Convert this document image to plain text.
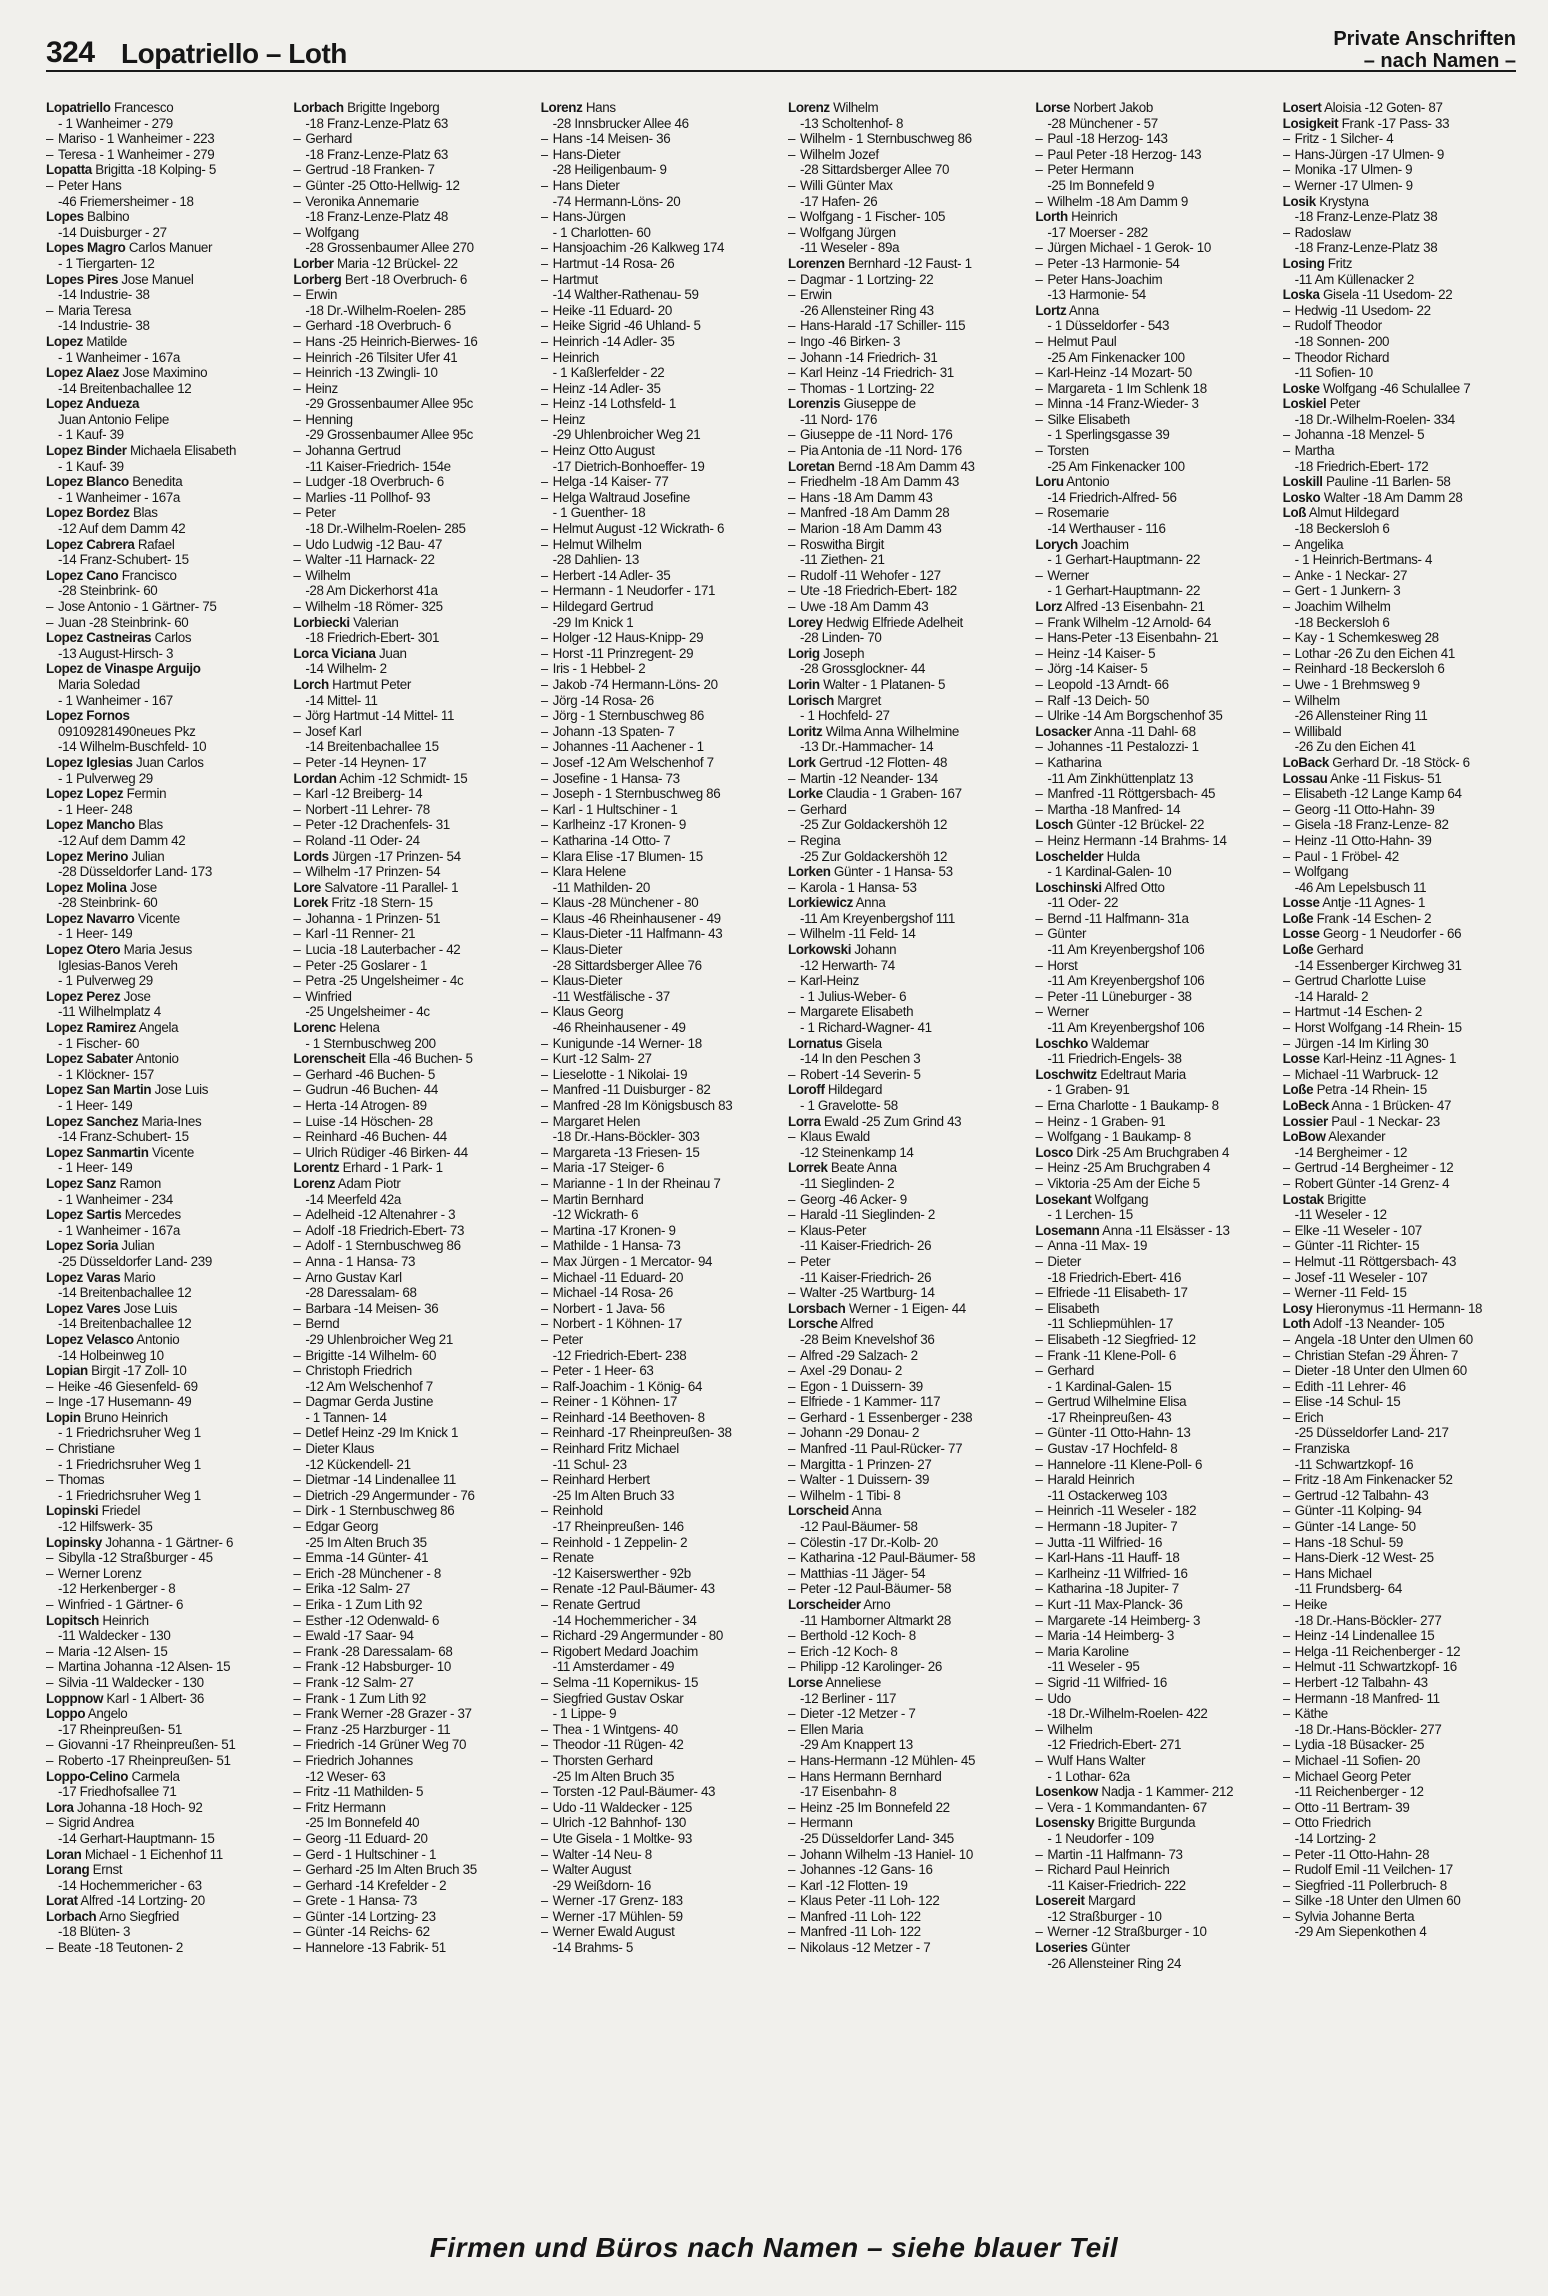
324 Lopatriello – Loth	Private Anschriften
– nach Namen –
Lopatriello Francesco
- 1 Wanheimer - 279
– Mariso - 1 Wanheimer - 223
– Teresa - 1 Wanheimer - 279
Lopatta Brigitta -18 Kolping- 5
– Peter Hans
-46 Friemersheimer - 18
Lopes Balbino
-14 Duisburger - 27
Lopes Magro Carlos Manuer
- 1 Tiergarten- 12
Lopes Pires Jose Manuel
-14 Industrie- 38
– Maria Teresa
-14 Industrie- 38
Lopez Matilde
- 1 Wanheimer - 167a
Lopez Alaez Jose Maximino
-14 Breitenbachallee 12
Lopez Andueza
Juan Antonio Felipe
- 1 Kauf- 39
Lopez Binder Michaela Elisabeth
- 1 Kauf- 39
Lopez Blanco Benedita
- 1 Wanheimer - 167a
Lopez Bordez Blas
-12 Auf dem Damm 42
Lopez Cabrera Rafael
-14 Franz-Schubert- 15
Lopez Cano Francisco
-28 Steinbrink- 60
– Jose Antonio - 1 Gärtner- 75
– Juan -28 Steinbrink- 60
Lopez Castneiras Carlos
-13 August-Hirsch- 3
Lopez de Vinaspe Arguijo
Maria Soledad
- 1 Wanheimer - 167
Lopez Fornos
09109281490neues Pkz
-14 Wilhelm-Buschfeld- 10
Lopez Iglesias Juan Carlos
- 1 Pulverweg 29
Lopez Lopez Fermin
- 1 Heer- 248
Lopez Mancho Blas
-12 Auf dem Damm 42
Lopez Merino Julian
-28 Düsseldorfer Land- 173
Lopez Molina Jose
-28 Steinbrink- 60
Lopez Navarro Vicente
- 1 Heer- 149
Lopez Otero Maria Jesus
Iglesias-Banos Vereh
- 1 Pulverweg 29
Lopez Perez Jose
-11 Wilhelmplatz 4
Lopez Ramirez Angela
- 1 Fischer- 60
Lopez Sabater Antonio
- 1 Klöckner- 157
Lopez San Martin Jose Luis
- 1 Heer- 149
Lopez Sanchez Maria-Ines
-14 Franz-Schubert- 15
Lopez Sanmartin Vicente
- 1 Heer- 149
Lopez Sanz Ramon
- 1 Wanheimer - 234
Lopez Sartis Mercedes
- 1 Wanheimer - 167a
Lopez Soria Julian
-25 Düsseldorfer Land- 239
Lopez Varas Mario
-14 Breitenbachallee 12
Lopez Vares Jose Luis
-14 Breitenbachallee 12
Lopez Velasco Antonio
-14 Holbeinweg 10
Lopian Birgit -17 Zoll- 10
– Heike -46 Giesenfeld- 69
– Inge -17 Husemann- 49
Lopin Bruno Heinrich
- 1 Friedrichsruher Weg 1
– Christiane
- 1 Friedrichsruher Weg 1
– Thomas
- 1 Friedrichsruher Weg 1
Lopinski Friedel
-12 Hilfswerk- 35
Lopinsky Johanna - 1 Gärtner- 6
– Sibylla -12 Straßburger - 45
– Werner Lorenz
-12 Herkenberger - 8
– Winfried - 1 Gärtner- 6
Lopitsch Heinrich
-11 Waldecker - 130
– Maria -12 Alsen- 15
– Martina Johanna -12 Alsen- 15
– Silvia -11 Waldecker - 130
Loppnow Karl - 1 Albert- 36
Loppo Angelo
-17 Rheinpreußen- 51
– Giovanni -17 Rheinpreußen- 51
– Roberto -17 Rheinpreußen- 51
Loppo-Celino Carmela
-17 Friedhofsallee 71
Lora Johanna -18 Hoch- 92
– Sigrid Andrea
-14 Gerhart-Hauptmann- 15
Loran Michael - 1 Eichenhof 11
Lorang Ernst
-14 Hochemmericher - 63
Lorat Alfred -14 Lortzing- 20
Lorbach Arno Siegfried
-18 Blüten- 3
– Beate -18 Teutonen- 2
Lorbach Brigitte Ingeborg
-18 Franz-Lenze-Platz 63
– Gerhard
-18 Franz-Lenze-Platz 63
– Gertrud -18 Franken- 7
– Günter -25 Otto-Hellwig- 12
– Veronika Annemarie
-18 Franz-Lenze-Platz 48
– Wolfgang
-28 Grossenbaumer Allee 270
Lorber Maria -12 Brückel- 22
Lorberg Bert -18 Overbruch- 6
– Erwin
-18 Dr.-Wilhelm-Roelen- 285
– Gerhard -18 Overbruch- 6
– Hans -25 Heinrich-Bierwes- 16
– Heinrich -26 Tilsiter Ufer 41
– Heinrich -13 Zwingli- 10
– Heinz
-29 Grossenbaumer Allee 95c
– Henning
-29 Grossenbaumer Allee 95c
– Johanna Gertrud
-11 Kaiser-Friedrich- 154e
– Ludger -18 Overbruch- 6
– Marlies -11 Pollhof- 93
– Peter
-18 Dr.-Wilhelm-Roelen- 285
– Udo Ludwig -12 Bau- 47
– Walter -11 Harnack- 22
– Wilhelm
-28 Am Dickerhorst 41a
– Wilhelm -18 Römer- 325
Lorbiecki Valerian
-18 Friedrich-Ebert- 301
Lorca Viciana Juan
-14 Wilhelm- 2
Lorch Hartmut Peter
-14 Mittel- 11
– Jörg Hartmut -14 Mittel- 11
– Josef Karl
-14 Breitenbachallee 15
– Peter -14 Heynen- 17
Lordan Achim -12 Schmidt- 15
– Karl -12 Breiberg- 14
– Norbert -11 Lehrer- 78
– Peter -12 Drachenfels- 31
– Roland -11 Oder- 24
Lords Jürgen -17 Prinzen- 54
– Wilhelm -17 Prinzen- 54
Lore Salvatore -11 Parallel- 1
Lorek Fritz -18 Stern- 15
– Johanna - 1 Prinzen- 51
– Karl -11 Renner- 21
– Lucia -18 Lauterbacher - 42
– Peter -25 Goslarer - 1
– Petra -25 Ungelsheimer - 4c
– Winfried
-25 Ungelsheimer - 4c
Lorenc Helena
- 1 Sternbuschweg 200
Lorenscheit Ella -46 Buchen- 5
– Gerhard -46 Buchen- 5
– Gudrun -46 Buchen- 44
– Herta -14 Atrogen- 89
– Luise -14 Höschen- 28
– Reinhard -46 Buchen- 44
– Ulrich Rüdiger -46 Birken- 44
Lorentz Erhard - 1 Park- 1
Lorenz Adam Piotr
-14 Meerfeld 42a
– Adelheid -12 Altenahrer - 3
– Adolf -18 Friedrich-Ebert- 73
– Adolf - 1 Sternbuschweg 86
– Anna - 1 Hansa- 73
– Arno Gustav Karl
-28 Daressalam- 68
– Barbara -14 Meisen- 36
– Bernd
-29 Uhlenbroicher Weg 21
– Brigitte -14 Wilhelm- 60
– Christoph Friedrich
-12 Am Welschenhof 7
– Dagmar Gerda Justine
- 1 Tannen- 14
– Detlef Heinz -29 Im Knick 1
– Dieter Klaus
-12 Kückendell- 21
– Dietmar -14 Lindenallee 11
– Dietrich -29 Angermunder - 76
– Dirk - 1 Sternbuschweg 86
– Edgar Georg
-25 Im Alten Bruch 35
– Emma -14 Günter- 41
– Erich -28 Münchener - 8
– Erika -12 Salm- 27
– Erika - 1 Zum Lith 92
– Esther -12 Odenwald- 6
– Ewald -17 Saar- 94
– Frank -28 Daressalam- 68
– Frank -12 Habsburger- 10
– Frank -12 Salm- 27
– Frank - 1 Zum Lith 92
– Frank Werner -28 Grazer - 37
– Franz -25 Harzburger - 11
– Friedrich -14 Grüner Weg 70
– Friedrich Johannes
-12 Weser- 63
– Fritz -11 Mathilden- 5
– Fritz Hermann
-25 Im Bonnefeld 40
– Georg -11 Eduard- 20
– Gerd - 1 Hultschiner - 1
– Gerhard -25 Im Alten Bruch 35
– Gerhard -14 Krefelder - 2
– Grete - 1 Hansa- 73
– Günter -14 Lortzing- 23
– Günter -14 Reichs- 62
– Hannelore -13 Fabrik- 51
Lorenz Hans
-28 Innsbrucker Allee 46
– Hans -14 Meisen- 36
– Hans-Dieter
-28 Heiligenbaum- 9
– Hans Dieter
-74 Hermann-Löns- 20
– Hans-Jürgen
- 1 Charlotten- 60
– Hansjoachim -26 Kalkweg 174
– Hartmut -14 Rosa- 26
– Hartmut
-14 Walther-Rathenau- 59
– Heike -11 Eduard- 20
– Heike Sigrid -46 Uhland- 5
– Heinrich -14 Adler- 35
– Heinrich
- 1 Kaßlerfelder - 22
– Heinz -14 Adler- 35
– Heinz -14 Lothsfeld- 1
– Heinz
-29 Uhlenbroicher Weg 21
– Heinz Otto August
-17 Dietrich-Bonhoeffer- 19
– Helga -14 Kaiser- 77
– Helga Waltraud Josefine
- 1 Guenther- 18
– Helmut August -12 Wickrath- 6
– Helmut Wilhelm
-28 Dahlien- 13
– Herbert -14 Adler- 35
– Hermann - 1 Neudorfer - 171
– Hildegard Gertrud
-29 Im Knick 1
– Holger -12 Haus-Knipp- 29
– Horst -11 Prinzregent- 29
– Iris - 1 Hebbel- 2
– Jakob -74 Hermann-Löns- 20
– Jörg -14 Rosa- 26
– Jörg - 1 Sternbuschweg 86
– Johann -13 Spaten- 7
– Johannes -11 Aachener - 1
– Josef -12 Am Welschenhof 7
– Josefine - 1 Hansa- 73
– Joseph - 1 Sternbuschweg 86
– Karl - 1 Hultschiner - 1
– Karlheinz -17 Kronen- 9
– Katharina -14 Otto- 7
– Klara Elise -17 Blumen- 15
– Klara Helene
-11 Mathilden- 20
– Klaus -28 Münchener - 80
– Klaus -46 Rheinhausener - 49
– Klaus-Dieter -11 Halfmann- 43
– Klaus-Dieter
-28 Sittardsberger Allee 76
– Klaus-Dieter
-11 Westfälische - 37
– Klaus Georg
-46 Rheinhausener - 49
– Kunigunde -14 Werner- 18
– Kurt -12 Salm- 27
– Lieselotte - 1 Nikolai- 19
– Manfred -11 Duisburger - 82
– Manfred -28 Im Königsbusch 83
– Margaret Helen
-18 Dr.-Hans-Böckler- 303
– Margareta -13 Friesen- 15
– Maria -17 Steiger- 6
– Marianne - 1 In der Rheinau 7
– Martin Bernhard
-12 Wickrath- 6
– Martina -17 Kronen- 9
– Mathilde - 1 Hansa- 73
– Max Jürgen - 1 Mercator- 94
– Michael -11 Eduard- 20
– Michael -14 Rosa- 26
– Norbert - 1 Java- 56
– Norbert - 1 Köhnen- 17
– Peter
-12 Friedrich-Ebert- 238
– Peter - 1 Heer- 63
– Ralf-Joachim - 1 König- 64
– Reiner - 1 Köhnen- 17
– Reinhard -14 Beethoven- 8
– Reinhard -17 Rheinpreußen- 38
– Reinhard Fritz Michael
-11 Schul- 23
– Reinhard Herbert
-25 Im Alten Bruch 33
– Reinhold
-17 Rheinpreußen- 146
– Reinhold - 1 Zeppelin- 2
– Renate
-12 Kaiserswerther - 92b
– Renate -12 Paul-Bäumer- 43
– Renate Gertrud
-14 Hochemmericher - 34
– Richard -29 Angermunder - 80
– Rigobert Medard Joachim
-11 Amsterdamer - 49
– Selma -11 Kopernikus- 15
– Siegfried Gustav Oskar
- 1 Lippe- 9
– Thea - 1 Wintgens- 40
– Theodor -11 Rügen- 42
– Thorsten Gerhard
-25 Im Alten Bruch 35
– Torsten -12 Paul-Bäumer- 43
– Udo -11 Waldecker - 125
– Ulrich -12 Bahnhof- 130
– Ute Gisela - 1 Moltke- 93
– Walter -14 Neu- 8
– Walter August
-29 Weißdorn- 16
– Werner -17 Grenz- 183
– Werner -17 Mühlen- 59
– Werner Ewald August
-14 Brahms- 5
Lorenz Wilhelm
-13 Scholtenhof- 8
– Wilhelm - 1 Sternbuschweg 86
– Wilhelm Jozef
-28 Sittardsberger Allee 70
– Willi Günter Max
-17 Hafen- 26
– Wolfgang - 1 Fischer- 105
– Wolfgang Jürgen
-11 Weseler - 89a
Lorenzen Bernhard -12 Faust- 1
– Dagmar - 1 Lortzing- 22
– Erwin
-26 Allensteiner Ring 43
– Hans-Harald -17 Schiller- 115
– Ingo -46 Birken- 3
– Johann -14 Friedrich- 31
– Karl Heinz -14 Friedrich- 31
– Thomas - 1 Lortzing- 22
Lorenzis Giuseppe de
-11 Nord- 176
– Giuseppe de -11 Nord- 176
– Pia Antonia de -11 Nord- 176
Loretan Bernd -18 Am Damm 43
– Friedhelm -18 Am Damm 43
– Hans -18 Am Damm 43
– Manfred -18 Am Damm 28
– Marion -18 Am Damm 43
– Roswitha Birgit
-11 Ziethen- 21
– Rudolf -11 Wehofer - 127
– Ute -18 Friedrich-Ebert- 182
– Uwe -18 Am Damm 43
Lorey Hedwig Elfriede Adelheit
-28 Linden- 70
Lorig Joseph
-28 Grossglockner- 44
Lorin Walter - 1 Platanen- 5
Lorisch Margret
- 1 Hochfeld- 27
Loritz Wilma Anna Wilhelmine
-13 Dr.-Hammacher- 14
Lork Gertrud -12 Flotten- 48
– Martin -12 Neander- 134
Lorke Claudia - 1 Graben- 167
– Gerhard
-25 Zur Goldackershöh 12
– Regina
-25 Zur Goldackershöh 12
Lorken Günter - 1 Hansa- 53
– Karola - 1 Hansa- 53
Lorkiewicz Anna
-11 Am Kreyenbergshof 111
– Wilhelm -11 Feld- 14
Lorkowski Johann
-12 Herwarth- 74
– Karl-Heinz
- 1 Julius-Weber- 6
– Margarete Elisabeth
- 1 Richard-Wagner- 41
Lornatus Gisela
-14 In den Peschen 3
– Robert -14 Severin- 5
Loroff Hildegard
- 1 Gravelotte- 58
Lorra Ewald -25 Zum Grind 43
– Klaus Ewald
-12 Steinenkamp 14
Lorrek Beate Anna
-11 Sieglinden- 2
– Georg -46 Acker- 9
– Harald -11 Sieglinden- 2
– Klaus-Peter
-11 Kaiser-Friedrich- 26
– Peter
-11 Kaiser-Friedrich- 26
– Walter -25 Wartburg- 14
Lorsbach Werner - 1 Eigen- 44
Lorsche Alfred
-28 Beim Knevelshof 36
– Alfred -29 Salzach- 2
– Axel -29 Donau- 2
– Egon - 1 Duissern- 39
– Elfriede - 1 Kammer- 117
– Gerhard - 1 Essenberger - 238
– Johann -29 Donau- 2
– Manfred -11 Paul-Rücker- 77
– Margitta - 1 Prinzen- 27
– Walter - 1 Duissern- 39
– Wilhelm - 1 Tibi- 8
Lorscheid Anna
-12 Paul-Bäumer- 58
– Cölestin -17 Dr.-Kolb- 20
– Katharina -12 Paul-Bäumer- 58
– Matthias -11 Jäger- 54
– Peter -12 Paul-Bäumer- 58
Lorscheider Arno
-11 Hamborner Altmarkt 28
– Berthold -12 Koch- 8
– Erich -12 Koch- 8
– Philipp -12 Karolinger- 26
Lorse Anneliese
-12 Berliner - 117
– Dieter -12 Metzer - 7
– Ellen Maria
-29 Am Knappert 13
– Hans-Hermann -12 Mühlen- 45
– Hans Hermann Bernhard
-17 Eisenbahn- 8
– Heinz -25 Im Bonnefeld 22
– Hermann
-25 Düsseldorfer Land- 345
– Johann Wilhelm -13 Haniel- 10
– Johannes -12 Gans- 16
– Karl -12 Flotten- 19
– Klaus Peter -11 Loh- 122
– Manfred -11 Loh- 122
– Manfred -11 Loh- 122
– Nikolaus -12 Metzer - 7
Lorse Norbert Jakob
-28 Münchener - 57
– Paul -18 Herzog- 143
– Paul Peter -18 Herzog- 143
– Peter Hermann
-25 Im Bonnefeld 9
– Wilhelm -18 Am Damm 9
Lorth Heinrich
-17 Moerser - 282
– Jürgen Michael - 1 Gerok- 10
– Peter -13 Harmonie- 54
– Peter Hans-Joachim
-13 Harmonie- 54
Lortz Anna
- 1 Düsseldorfer - 543
– Helmut Paul
-25 Am Finkenacker 100
– Karl-Heinz -14 Mozart- 50
– Margareta - 1 Im Schlenk 18
– Minna -14 Franz-Wieder- 3
– Silke Elisabeth
- 1 Sperlingsgasse 39
– Torsten
-25 Am Finkenacker 100
Loru Antonio
-14 Friedrich-Alfred- 56
– Rosemarie
-14 Werthauser - 116
Lorych Joachim
- 1 Gerhart-Hauptmann- 22
– Werner
- 1 Gerhart-Hauptmann- 22
Lorz Alfred -13 Eisenbahn- 21
– Frank Wilhelm -12 Arnold- 64
– Hans-Peter -13 Eisenbahn- 21
– Heinz -14 Kaiser- 5
– Jörg -14 Kaiser- 5
– Leopold -13 Arndt- 66
– Ralf -13 Deich- 50
– Ulrike -14 Am Borgschenhof 35
Losacker Anna -11 Dahl- 68
– Johannes -11 Pestalozzi- 1
– Katharina
-11 Am Zinkhüttenplatz 13
– Manfred -11 Röttgersbach- 45
– Martha -18 Manfred- 14
Losch Günter -12 Brückel- 22
– Heinz Hermann -14 Brahms- 14
Loschelder Hulda
- 1 Kardinal-Galen- 10
Loschinski Alfred Otto
-11 Oder- 22
– Bernd -11 Halfmann- 31a
– Günter
-11 Am Kreyenbergshof 106
– Horst
-11 Am Kreyenbergshof 106
– Peter -11 Lüneburger - 38
– Werner
-11 Am Kreyenbergshof 106
Loschko Waldemar
-11 Friedrich-Engels- 38
Loschwitz Edeltraut Maria
- 1 Graben- 91
– Erna Charlotte - 1 Baukamp- 8
– Heinz - 1 Graben- 91
– Wolfgang - 1 Baukamp- 8
Losco Dirk -25 Am Bruchgraben 4
– Heinz -25 Am Bruchgraben 4
– Viktoria -25 Am der Eiche 5
Losekant Wolfgang
- 1 Lerchen- 15
Losemann Anna -11 Elsässer - 13
– Anna -11 Max- 19
– Dieter
-18 Friedrich-Ebert- 416
– Elfriede -11 Elisabeth- 17
– Elisabeth
-11 Schliepmühlen- 17
– Elisabeth -12 Siegfried- 12
– Frank -11 Klene-Poll- 6
– Gerhard
- 1 Kardinal-Galen- 15
– Gertrud Wilhelmine Elisa
-17 Rheinpreußen- 43
– Günter -11 Otto-Hahn- 13
– Gustav -17 Hochfeld- 8
– Hannelore -11 Klene-Poll- 6
– Harald Heinrich
-11 Ostackerweg 103
– Heinrich -11 Weseler - 182
– Hermann -18 Jupiter- 7
– Jutta -11 Wilfried- 16
– Karl-Hans -11 Hauff- 18
– Karlheinz -11 Wilfried- 16
– Katharina -18 Jupiter- 7
– Kurt -11 Max-Planck- 36
– Margarete -14 Heimberg- 3
– Maria -14 Heimberg- 3
– Maria Karoline
-11 Weseler - 95
– Sigrid -11 Wilfried- 16
– Udo
-18 Dr.-Wilhelm-Roelen- 422
– Wilhelm
-12 Friedrich-Ebert- 271
– Wulf Hans Walter
- 1 Lothar- 62a
Losenkow Nadja - 1 Kammer- 212
– Vera - 1 Kommandanten- 67
Losensky Brigitte Burgunda
- 1 Neudorfer - 109
– Martin -11 Halfmann- 73
– Richard Paul Heinrich
-11 Kaiser-Friedrich- 222
Losereit Margard
-12 Straßburger - 10
– Werner -12 Straßburger - 10
Loseries Günter
-26 Allensteiner Ring 24
Losert Aloisia -12 Goten- 87
Losigkeit Frank -17 Pass- 33
– Fritz - 1 Silcher- 4
– Hans-Jürgen -17 Ulmen- 9
– Monika -17 Ulmen- 9
– Werner -17 Ulmen- 9
Losik Krystyna
-18 Franz-Lenze-Platz 38
– Radoslaw
-18 Franz-Lenze-Platz 38
Losing Fritz
-11 Am Küllenacker 2
Loska Gisela -11 Usedom- 22
– Hedwig -11 Usedom- 22
– Rudolf Theodor
-18 Sonnen- 200
– Theodor Richard
-11 Sofien- 10
Loske Wolfgang -46 Schulallee 7
Loskiel Peter
-18 Dr.-Wilhelm-Roelen- 334
– Johanna -18 Menzel- 5
– Martha
-18 Friedrich-Ebert- 172
Loskill Pauline -11 Barlen- 58
Losko Walter -18 Am Damm 28
Loß Almut Hildegard
-18 Beckersloh 6
– Angelika
- 1 Heinrich-Bertmans- 4
– Anke - 1 Neckar- 27
– Gert - 1 Junkern- 3
– Joachim Wilhelm
-18 Beckersloh 6
– Kay - 1 Schemkesweg 28
– Lothar -26 Zu den Eichen 41
– Reinhard -18 Beckersloh 6
– Uwe - 1 Brehmsweg 9
– Wilhelm
-26 Allensteiner Ring 11
– Willibald
-26 Zu den Eichen 41
LoBack Gerhard Dr. -18 Stöck- 6
Lossau Anke -11 Fiskus- 51
– Elisabeth -12 Lange Kamp 64
– Georg -11 Otto-Hahn- 39
– Gisela -18 Franz-Lenze- 82
– Heinz -11 Otto-Hahn- 39
– Paul - 1 Fröbel- 42
– Wolfgang
-46 Am Lepelsbusch 11
Losse Antje -11 Agnes- 1
Loße Frank -14 Eschen- 2
Losse Georg - 1 Neudorfer - 66
Loße Gerhard
-14 Essenberger Kirchweg 31
– Gertrud Charlotte Luise
-14 Harald- 2
– Hartmut -14 Eschen- 2
– Horst Wolfgang -14 Rhein- 15
– Jürgen -14 Im Kirling 30
Losse Karl-Heinz -11 Agnes- 1
– Michael -11 Warbruck- 12
Loße Petra -14 Rhein- 15
LoBeck Anna - 1 Brücken- 47
Lossier Paul - 1 Neckar- 23
LoBow Alexander
-14 Bergheimer - 12
– Gertrud -14 Bergheimer - 12
– Robert Günter -14 Grenz- 4
Lostak Brigitte
-11 Weseler - 12
– Elke -11 Weseler - 107
– Günter -11 Richter- 15
– Helmut -11 Röttgersbach- 43
– Josef -11 Weseler - 107
– Werner -11 Feld- 15
Losy Hieronymus -11 Hermann- 18
Loth Adolf -13 Neander- 105
– Angela -18 Unter den Ulmen 60
– Christian Stefan -29 Ähren- 7
– Dieter -18 Unter den Ulmen 60
– Edith -11 Lehrer- 46
– Elise -14 Schul- 15
– Erich
-25 Düsseldorfer Land- 217
– Franziska
-11 Schwartzkopf- 16
– Fritz -18 Am Finkenacker 52
– Gertrud -12 Talbahn- 43
– Günter -11 Kolping- 94
– Günter -14 Lange- 50
– Hans -18 Schul- 59
– Hans-Dierk -12 West- 25
– Hans Michael
-11 Frundsberg- 64
– Heike
-18 Dr.-Hans-Böckler- 277
– Heinz -14 Lindenallee 15
– Helga -11 Reichenberger - 12
– Helmut -11 Schwartzkopf- 16
– Herbert -12 Talbahn- 43
– Hermann -18 Manfred- 11
– Käthe
-18 Dr.-Hans-Böckler- 277
– Lydia -18 Büsacker- 25
– Michael -11 Sofien- 20
– Michael Georg Peter
-11 Reichenberger - 12
– Otto -11 Bertram- 39
– Otto Friedrich
-14 Lortzing- 2
– Peter -11 Otto-Hahn- 28
– Rudolf Emil -11 Veilchen- 17
– Siegfried -11 Pollerbruch- 8
– Silke -18 Unter den Ulmen 60
– Sylvia Johanne Berta
-29 Am Siepenkothen 4
Firmen und Büros nach Namen – siehe blauer Teil
